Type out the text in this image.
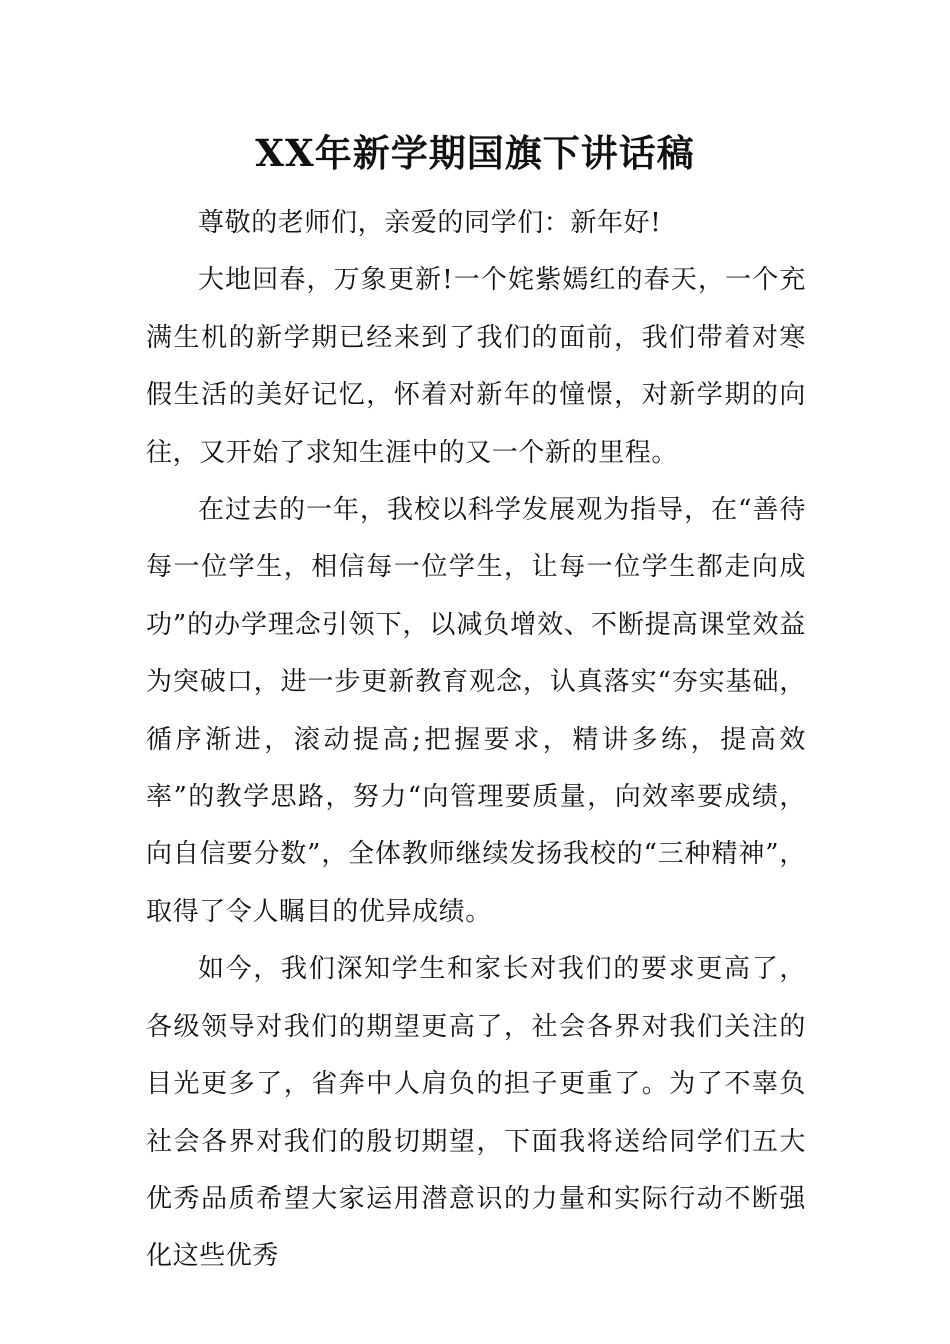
XX年新学期国旗下讲话稿

尊敬的老师们，亲爱的同学们：新年好!

大地回春，万象更新!一个姹紫嫣红的春天，一个充满生机的新学期已经来到了我们的面前，我们带着对寒假生活的美好记忆，怀着对新年的憧憬，对新学期的向往，又开始了求知生涯中的又一个新的里程。

在过去的一年，我校以科学发展观为指导，在“善待每一位学生，相信每一位学生，让每一位学生都走向成功”的办学理念引领下，以减负增效、不断提高课堂效益为突破口，进一步更新教育观念，认真落实“夯实基础，循序渐进，滚动提高;把握要求，精讲多练，提高效率”的教学思路，努力“向管理要质量，向效率要成绩，向自信要分数”，全体教师继续发扬我校的“三种精神”，取得了令人瞩目的优异成绩。

如今，我们深知学生和家长对我们的要求更高了，各级领导对我们的期望更高了，社会各界对我们关注的目光更多了，省奔中人肩负的担子更重了。为了不辜负社会各界对我们的殷切期望，下面我将送给同学们五大优秀品质希望大家运用潜意识的力量和实际行动不断强化这些优秀
